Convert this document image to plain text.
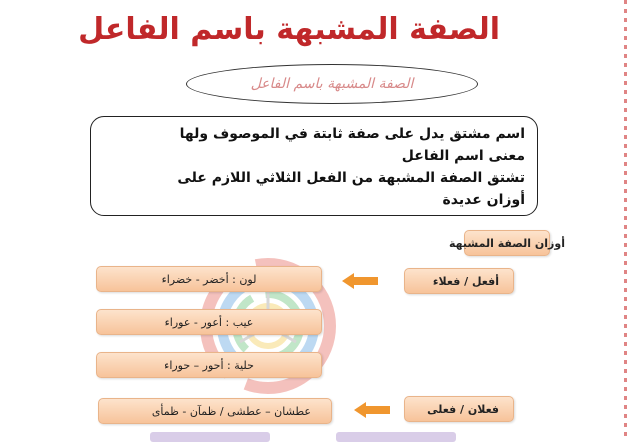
الصفة المشبهة باسم الفاعل
الصفة المشبهة باسم الفاعل
اسم مشتق يدل على صفة ثابتة في الموصوف ولها
معنى اسم الفاعل
تشتق الصفة المشبهة من الفعل الثلاثي اللازم على
أوزان عديدة
أوزان الصفة المشبهة
أفعل / فعلاء
فعلان / فعلى
لون : أخضر - خضراء
عيب : أعور - عوراء
حلية : أحور – حوراء
عطشان – عطشى / ظمآن - ظمأى
